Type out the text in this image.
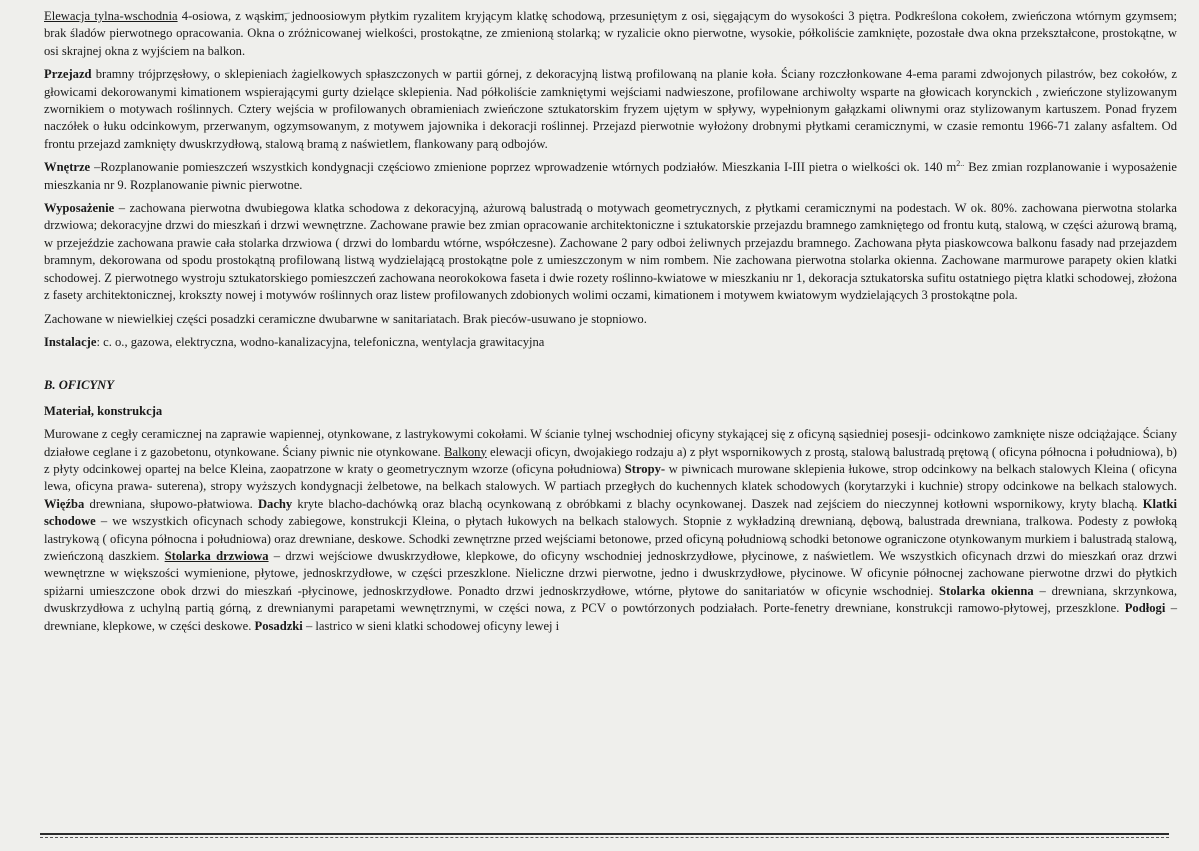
Elewacja tylna-wschodnia 4-osiowa, z wąskim, jednoosiowym płytkim ryzalitem kryjącym klatkę schodową, przesuniętym z osi, sięgającym do wysokości 3 piętra. Podkreślona cokołem, zwieńczona wtórnym gzymsem; brak śladów pierwotnego opracowania. Okna o zróżnicowanej wielkości, prostokątne, ze zmienioną stolarką; w ryzalicie okno pierwotne, wysokie, półkoliście zamknięte, pozostałe dwa okna przekształcone, prostokątne, w osi skrajnej okna z wyjściem na balkon.

Przejazd bramny trójprzęsłowy, o sklepieniach żagielkowych spłaszczonych w partii górnej, z dekoracyjną listwą profilowaną na planie koła. Ściany rozczłonkowane 4-ema parami zdwojonych pilastrów, bez cokołów, z głowicami dekorowanymi kimationem wspierającymi gurty dzielące sklepienia. Nad półkoliście zamkniętymi wejściami nadwieszone, profilowane archiwolty wsparte na głowicach korynckich , zwieńczone stylizowanym zwornikiem o motywach roślinnych. Cztery wejścia w profilowanych obramieniach zwieńczone sztukatorskim fryzem ujętym w spływy, wypełnionym gałązkami oliwnymi oraz stylizowanym kartuszem. Ponad fryzem naczółek o łuku odcinkowym, przerwanym, ogzymsowanym, z motywem jajownika i dekoracji roślinnej. Przejazd pierwotnie wyłożony drobnymi płytkami ceramicznymi, w czasie remontu 1966-71 zalany asfaltem. Od frontu przejazd zamknięty dwuskrzydłową, stalową bramą z naświetlem, flankowany parą odbojów.

Wnętrze –Rozplanowanie pomieszczeń wszystkich kondygnacji częściowo zmienione poprzez wprowadzenie wtórnych podziałów. Mieszkania I-III pietra o wielkości ok. 140 $m^{2..}$ Bez zmian rozplanowanie i wyposażenie mieszkania nr 9. Rozplanowanie piwnic pierwotne.

Wyposażenie – zachowana pierwotna dwubiegowa klatka schodowa z dekoracyjną, ażurową balustradą o motywach geometrycznych, z płytkami ceramicznymi na podestach. W ok. 80%. zachowana pierwotna stolarka drzwiowa; dekoracyjne drzwi do mieszkań i drzwi wewnętrzne. Zachowane prawie bez zmian opracowanie architektoniczne i sztukatorskie przejazdu bramnego zamkniętego od frontu kutą, stalową, w części ażurową bramą, w przejeździe zachowana prawie cała stolarka drzwiowa ( drzwi do lombardu wtórne, współczesne). Zachowane 2 pary odboi żeliwnych przejazdu bramnego. Zachowana płyta piaskowcowa balkonu fasady nad przejazdem bramnym, dekorowana od spodu prostokątną profilowaną listwą wydzielającą prostokątne pole z umieszczonym w nim rombem. Nie zachowana pierwotna stolarka okienna. Zachowane marmurowe parapety okien klatki schodowej. Z pierwotnego wystroju sztukatorskiego pomieszczeń zachowana neorokokowa faseta i dwie rozety roślinno-kwiatowe w mieszkaniu nr 1, dekoracja sztukatorska sufitu ostatniego piętra klatki schodowej, złożona z fasety architektonicznej, krokszty nowej i motywów roślinnych oraz listew profilowanych zdobionych wolimi oczami, kimationem i motywem kwiatowym wydzielających 3 prostokątne pola.

Zachowane w niewielkiej części posadzki ceramiczne dwubarwne w sanitariatach. Brak pieców-usuwano je stopniowo.

Instalacje: c. o., gazowa, elektryczna, wodno-kanalizacyjna, telefoniczna, wentylacja grawitacyjna

B. OFICYNY
Materiał, konstrukcja

Murowane z cegły ceramicznej na zaprawie wapiennej, otynkowane, z lastrykowymi cokołami. W ścianie tylnej wschodniej oficyny stykającej się z oficyną sąsiedniej posesji- odcinkowo zamknięte nisze odciążające. Ściany działowe ceglane i z gazobetonu, otynkowane. Ściany piwnic nie otynkowane. Balkony elewacji oficyn, dwojakiego rodzaju a) z płyt wspornikowych z prostą, stalową balustradą prętową ( oficyna północna i południowa), b) z płyty odcinkowej opartej na belce Kleina, zaopatrzone w kraty o geometrycznym wzorze (oficyna południowa) Stropy- w piwnicach murowane sklepienia łukowe, strop odcinkowy na belkach stalowych Kleina ( oficyna lewa, oficyna prawa- suterena), stropy wyższych kondygnacji żelbetowe, na belkach stalowych. W partiach przegłych do kuchennych klatek schodowych (korytarzyki i kuchnie) stropy odcinkowe na belkach stalowych. Więźba drewniana, słupowo-płatwiowa. Dachy kryte blacho-dachówką oraz blachą ocynkowaną z obróbkami z blachy ocynkowanej. Daszek nad zejściem do nieczynnej kotłowni wspornikowy, kryty blachą. Klatki schodowe – we wszystkich oficynach schody zabiegowe, konstrukcji Kleina, o płytach łukowych na belkach stalowych. Stopnie z wykładziną drewnianą, dębową, balustrada drewniana, tralkowa. Podesty z powłoką lastrykową ( oficyna północna i południowa) oraz drewniane, deskowe. Schodki zewnętrzne przed wejściami betonowe, przed oficyną południową schodki betonowe ograniczone otynkowanym murkiem i balustradą stalową, zwieńczoną daszkiem. Stolarka drzwiowa – drzwi wejściowe dwuskrzydłowe, klepkowe, do oficyny wschodniej jednoskrzydłowe, płycinowe, z naświetlem. We wszystkich oficynach drzwi do mieszkań oraz drzwi wewnętrzne w większości wymienione, płytowe, jednoskrzydłowe, w części przeszklone. Nieliczne drzwi pierwotne, jedno i dwuskrzydłowe, płycinowe. W oficynie północnej zachowane pierwotne drzwi do płytkich spiżarni umieszczone obok drzwi do mieszkań -płycinowe, jednoskrzydłowe. Ponadto drzwi jednoskrzydłowe, wtórne, płytowe do sanitariatów w oficynie wschodniej. Stolarka okienna – drewniana, skrzynkowa, dwuskrzydłowa z uchylną partią górną, z drewnianymi parapetami wewnętrznymi, w części nowa, z PCV o powtórzonych podziałach. Porte-fenetry drewniane, konstrukcji ramowo-płytowej, przeszklone. Podłogi – drewniane, klepkowe, w części deskowe. Posadzki – lastrico w sieni klatki schodowej oficyny lewej i
